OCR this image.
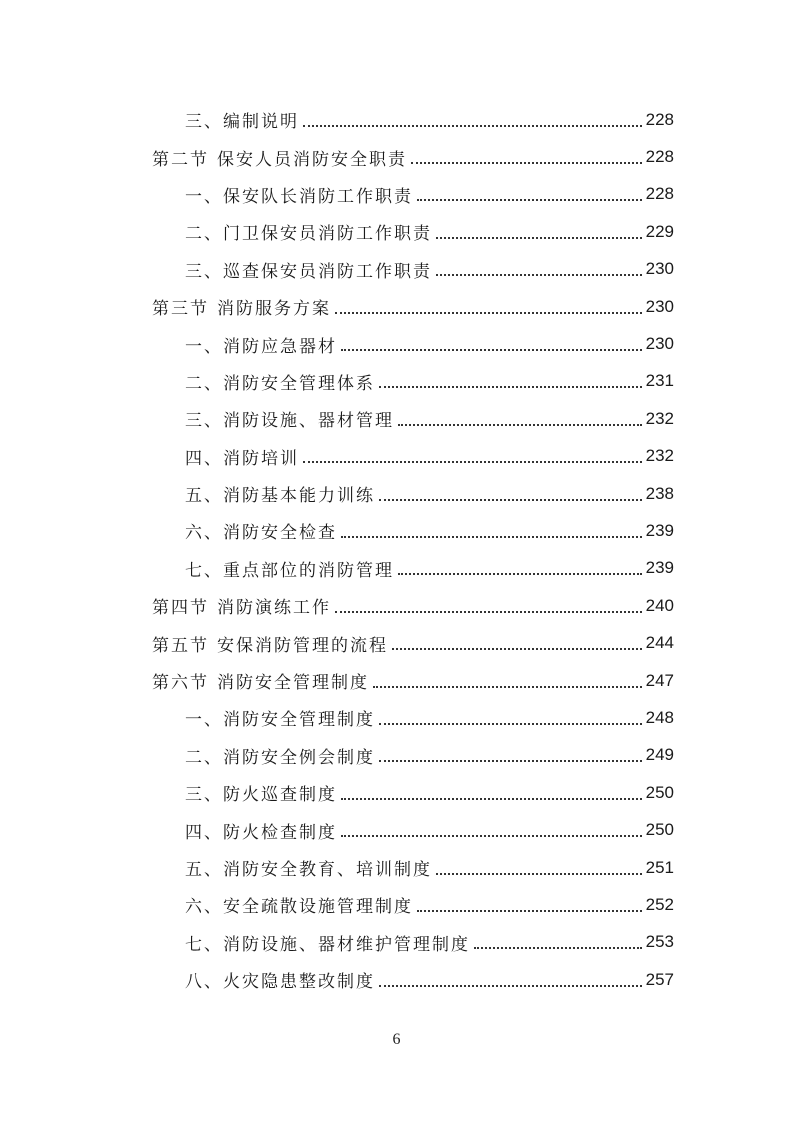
三、编制说明	228
第二节 保安人员消防安全职责	228
一、保安队长消防工作职责	228
二、门卫保安员消防工作职责	229
三、巡查保安员消防工作职责	230
第三节 消防服务方案	230
一、消防应急器材	230
二、消防安全管理体系	231
三、消防设施、器材管理	232
四、消防培训	232
五、消防基本能力训练	238
六、消防安全检查	239
七、重点部位的消防管理	239
第四节 消防演练工作	240
第五节 安保消防管理的流程	244
第六节 消防安全管理制度	247
一、消防安全管理制度	248
二、消防安全例会制度	249
三、防火巡查制度	250
四、防火检查制度	250
五、消防安全教育、培训制度	251
六、安全疏散设施管理制度	252
七、消防设施、器材维护管理制度	253
八、火灾隐患整改制度	257
6
